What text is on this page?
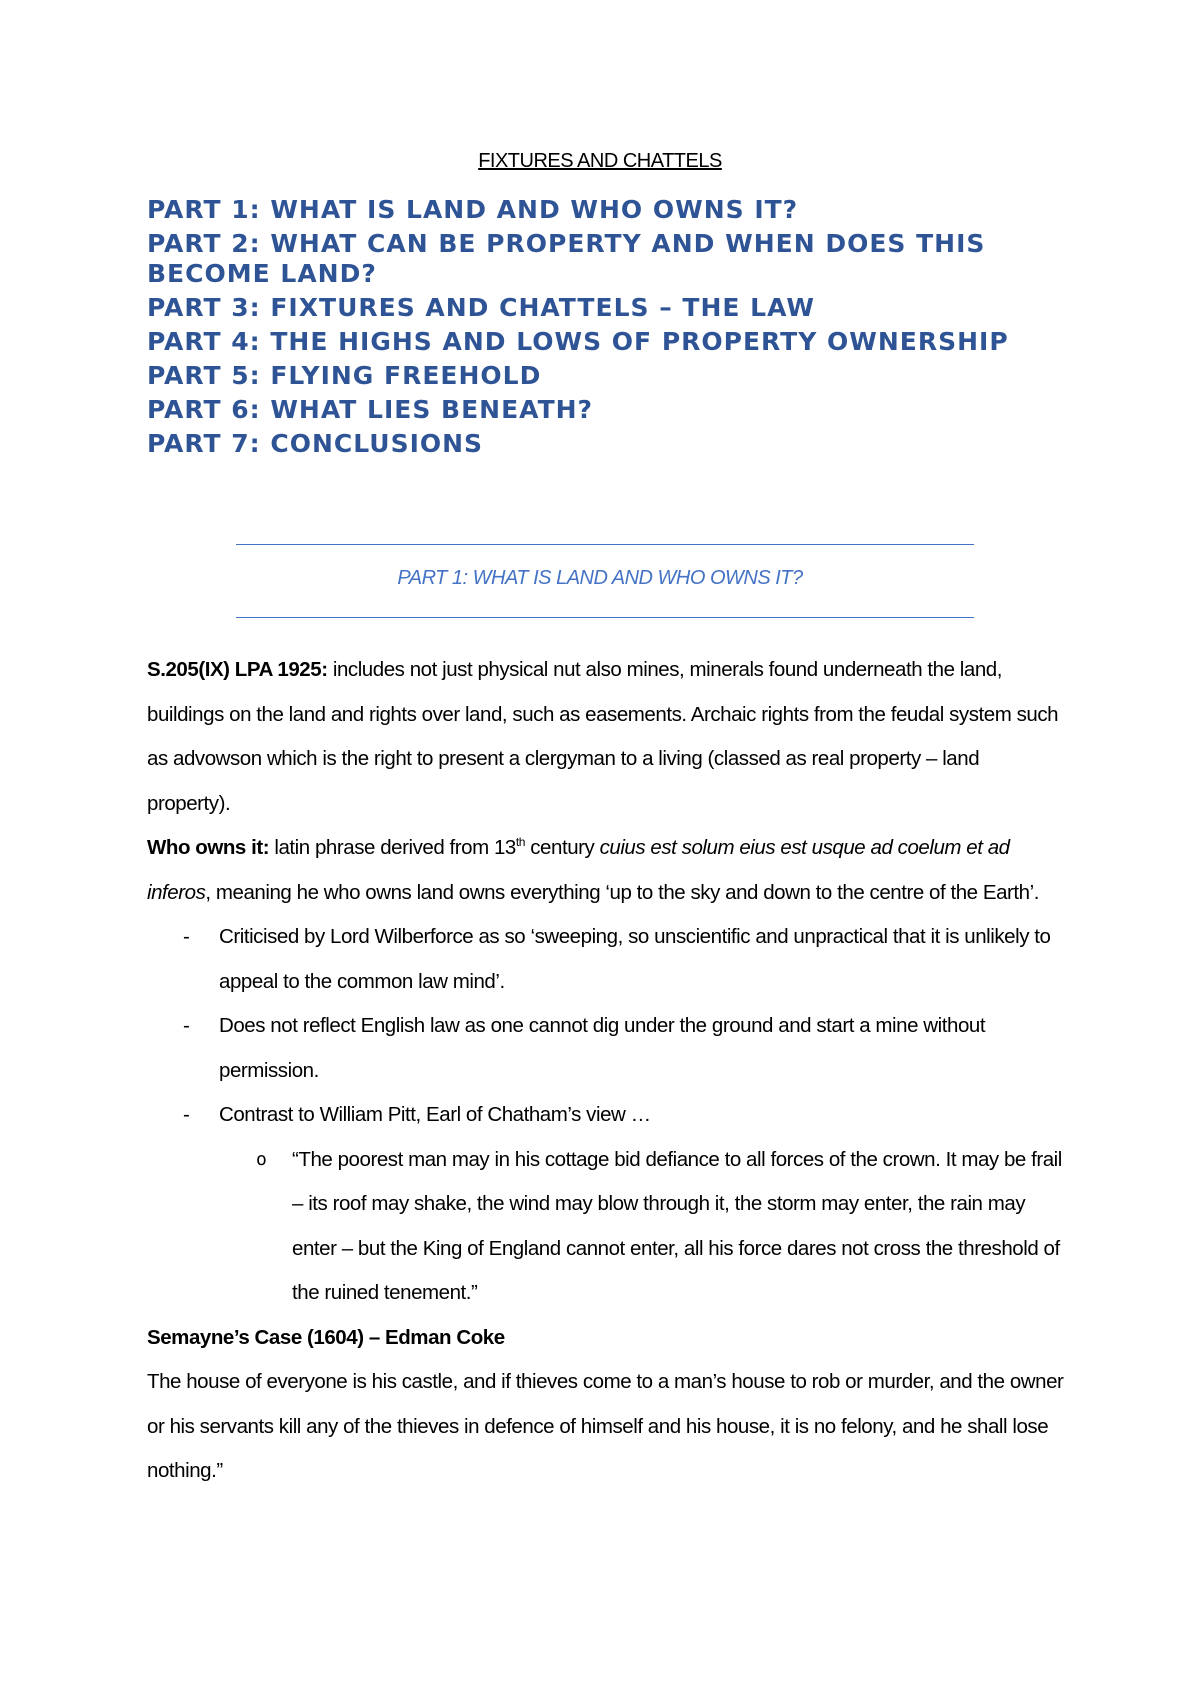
FIXTURES AND CHATTELS
PART 1: WHAT IS LAND AND WHO OWNS IT?
PART 2: WHAT CAN BE PROPERTY AND WHEN DOES THIS BECOME LAND?
PART 3: FIXTURES AND CHATTELS – THE LAW
PART 4: THE HIGHS AND LOWS OF PROPERTY OWNERSHIP
PART 5: FLYING FREEHOLD
PART 6: WHAT LIES BENEATH?
PART 7: CONCLUSIONS
PART 1: WHAT IS LAND AND WHO OWNS IT?

S.205(IX) LPA 1925: includes not just physical nut also mines, minerals found underneath the land, buildings on the land and rights over land, such as easements. Archaic rights from the feudal system such as advowson which is the right to present a clergyman to a living (classed as real property – land property).

Who owns it: latin phrase derived from 13th century cuius est solum eius est usque ad coelum et ad inferos, meaning he who owns land owns everything ‘up to the sky and down to the centre of the Earth’.

- Criticised by Lord Wilberforce as so ‘sweeping, so unscientific and unpractical that it is unlikely to appeal to the common law mind’.
- Does not reflect English law as one cannot dig under the ground and start a mine without permission.
- Contrast to William Pitt, Earl of Chatham’s view …
o “The poorest man may in his cottage bid defiance to all forces of the crown. It may be frail – its roof may shake, the wind may blow through it, the storm may enter, the rain may enter – but the King of England cannot enter, all his force dares not cross the threshold of the ruined tenement.”

Semayne’s Case (1604) – Edman Coke

The house of everyone is his castle, and if thieves come to a man’s house to rob or murder, and the owner or his servants kill any of the thieves in defence of himself and his house, it is no felony, and he shall lose nothing.”
